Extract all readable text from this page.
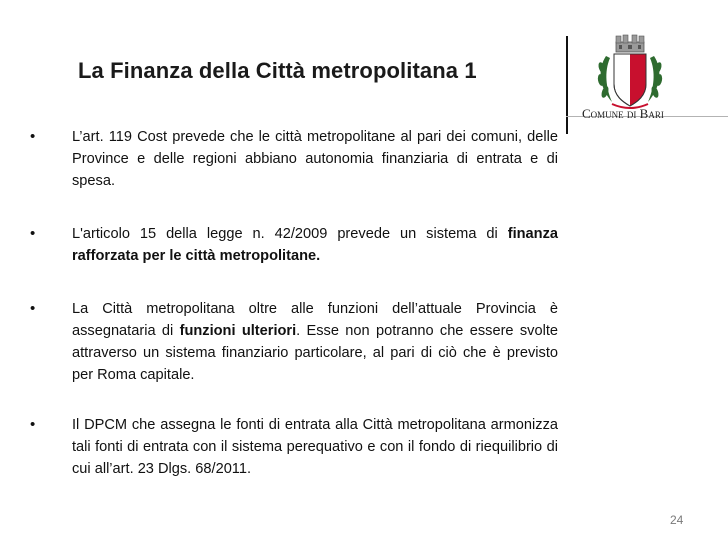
La Finanza della Città metropolitana 1
Comune di Bari
•	L’art. 119 Cost prevede che le città metropolitane al pari dei comuni, delle Province e delle regioni abbiano autonomia finanziaria di entrata e di spesa.
•	L'articolo 15 della legge n. 42/2009 prevede un sistema di finanza rafforzata per le città metropolitane.
•	La Città metropolitana oltre alle funzioni dell’attuale Provincia è assegnataria di funzioni ulteriori. Esse non potranno che essere svolte attraverso un sistema finanziario particolare, al pari di ciò che è previsto per Roma capitale.
•	Il DPCM che assegna le fonti di entrata alla Città metropolitana armonizza tali fonti di entrata con il sistema perequativo e con il fondo di riequilibrio di cui all’art. 23 Dlgs. 68/2011.
24
